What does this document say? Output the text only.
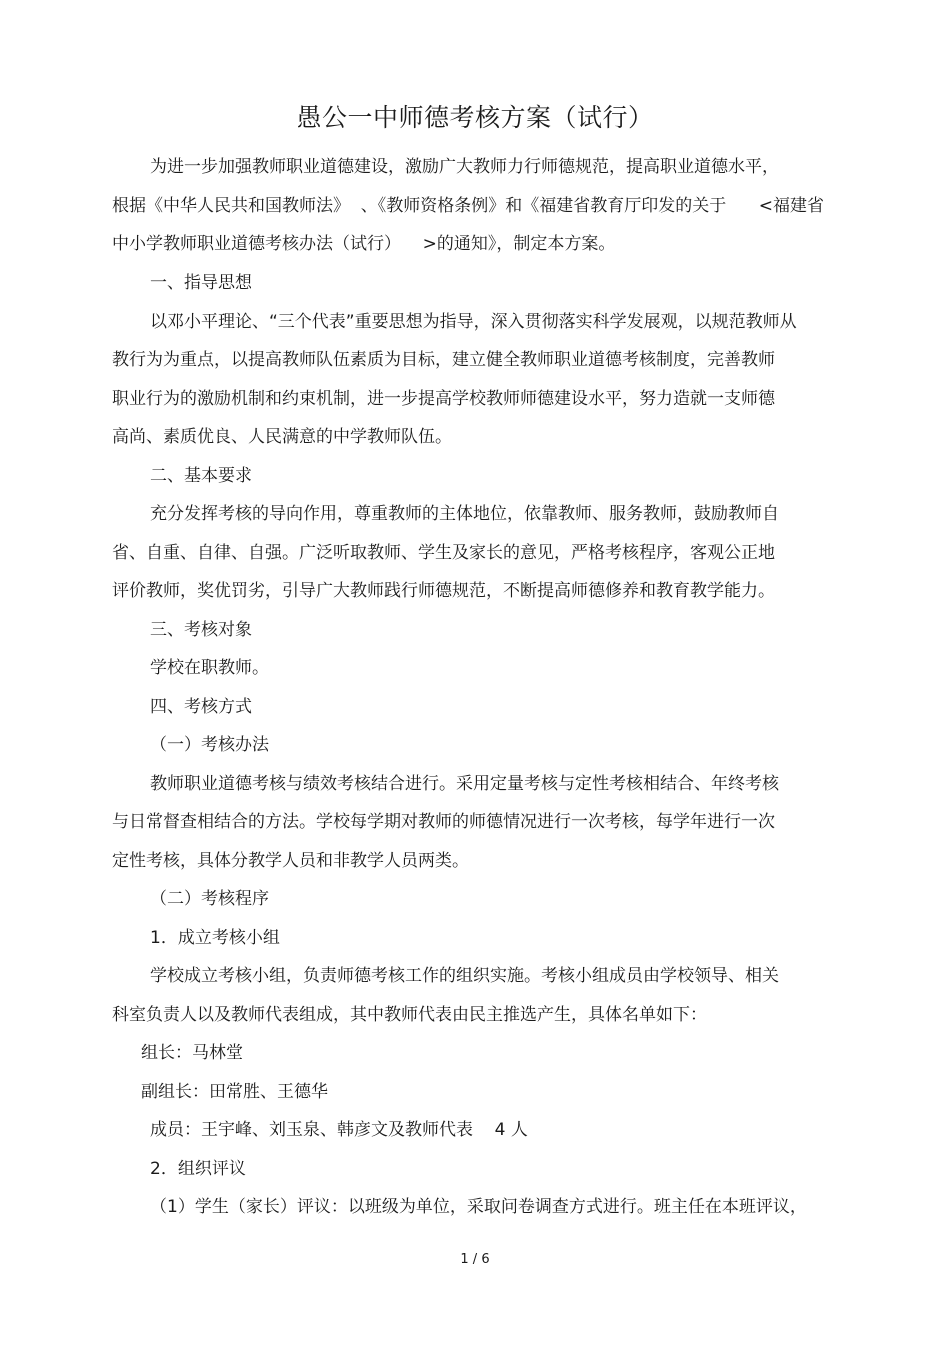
愚公一中师德考核方案（试行）
为进一步加强教师职业道德建设，激励广大教师力行师德规范，提高职业道德水平，
根据《中华人民共和国教师法》  、《教师资格条例》和《福建省教育厅印发的关于      <福建省
中小学教师职业道德考核办法（试行）    >的通知》，制定本方案。
一、指导思想
以邓小平理论、“三个代表”重要思想为指导，深入贯彻落实科学发展观，以规范教师从
教行为为重点，以提高教师队伍素质为目标，建立健全教师职业道德考核制度，完善教师
职业行为的激励机制和约束机制，进一步提高学校教师师德建设水平，努力造就一支师德
高尚、素质优良、人民满意的中学教师队伍。
二、基本要求
充分发挥考核的导向作用，尊重教师的主体地位，依靠教师、服务教师，鼓励教师自
省、自重、自律、自强。广泛听取教师、学生及家长的意见，严格考核程序，客观公正地
评价教师，奖优罚劣，引导广大教师践行师德规范，不断提高师德修养和教育教学能力。
三、考核对象
学校在职教师。
四、考核方式
（一）考核办法
教师职业道德考核与绩效考核结合进行。采用定量考核与定性考核相结合、年终考核
与日常督查相结合的方法。学校每学期对教师的师德情况进行一次考核，每学年进行一次
定性考核，具体分教学人员和非教学人员两类。
（二）考核程序
1．成立考核小组
学校成立考核小组，负责师德考核工作的组织实施。考核小组成员由学校领导、相关
科室负责人以及教师代表组成，其中教师代表由民主推选产生，具体名单如下：
组长：马林堂
副组长：田常胜、王德华
成员：王宇峰、刘玉泉、韩彦文及教师代表    4 人
2．组织评议
（1）学生（家长）评议：以班级为单位，采取问卷调查方式进行。班主任在本班评议，
1 / 6
